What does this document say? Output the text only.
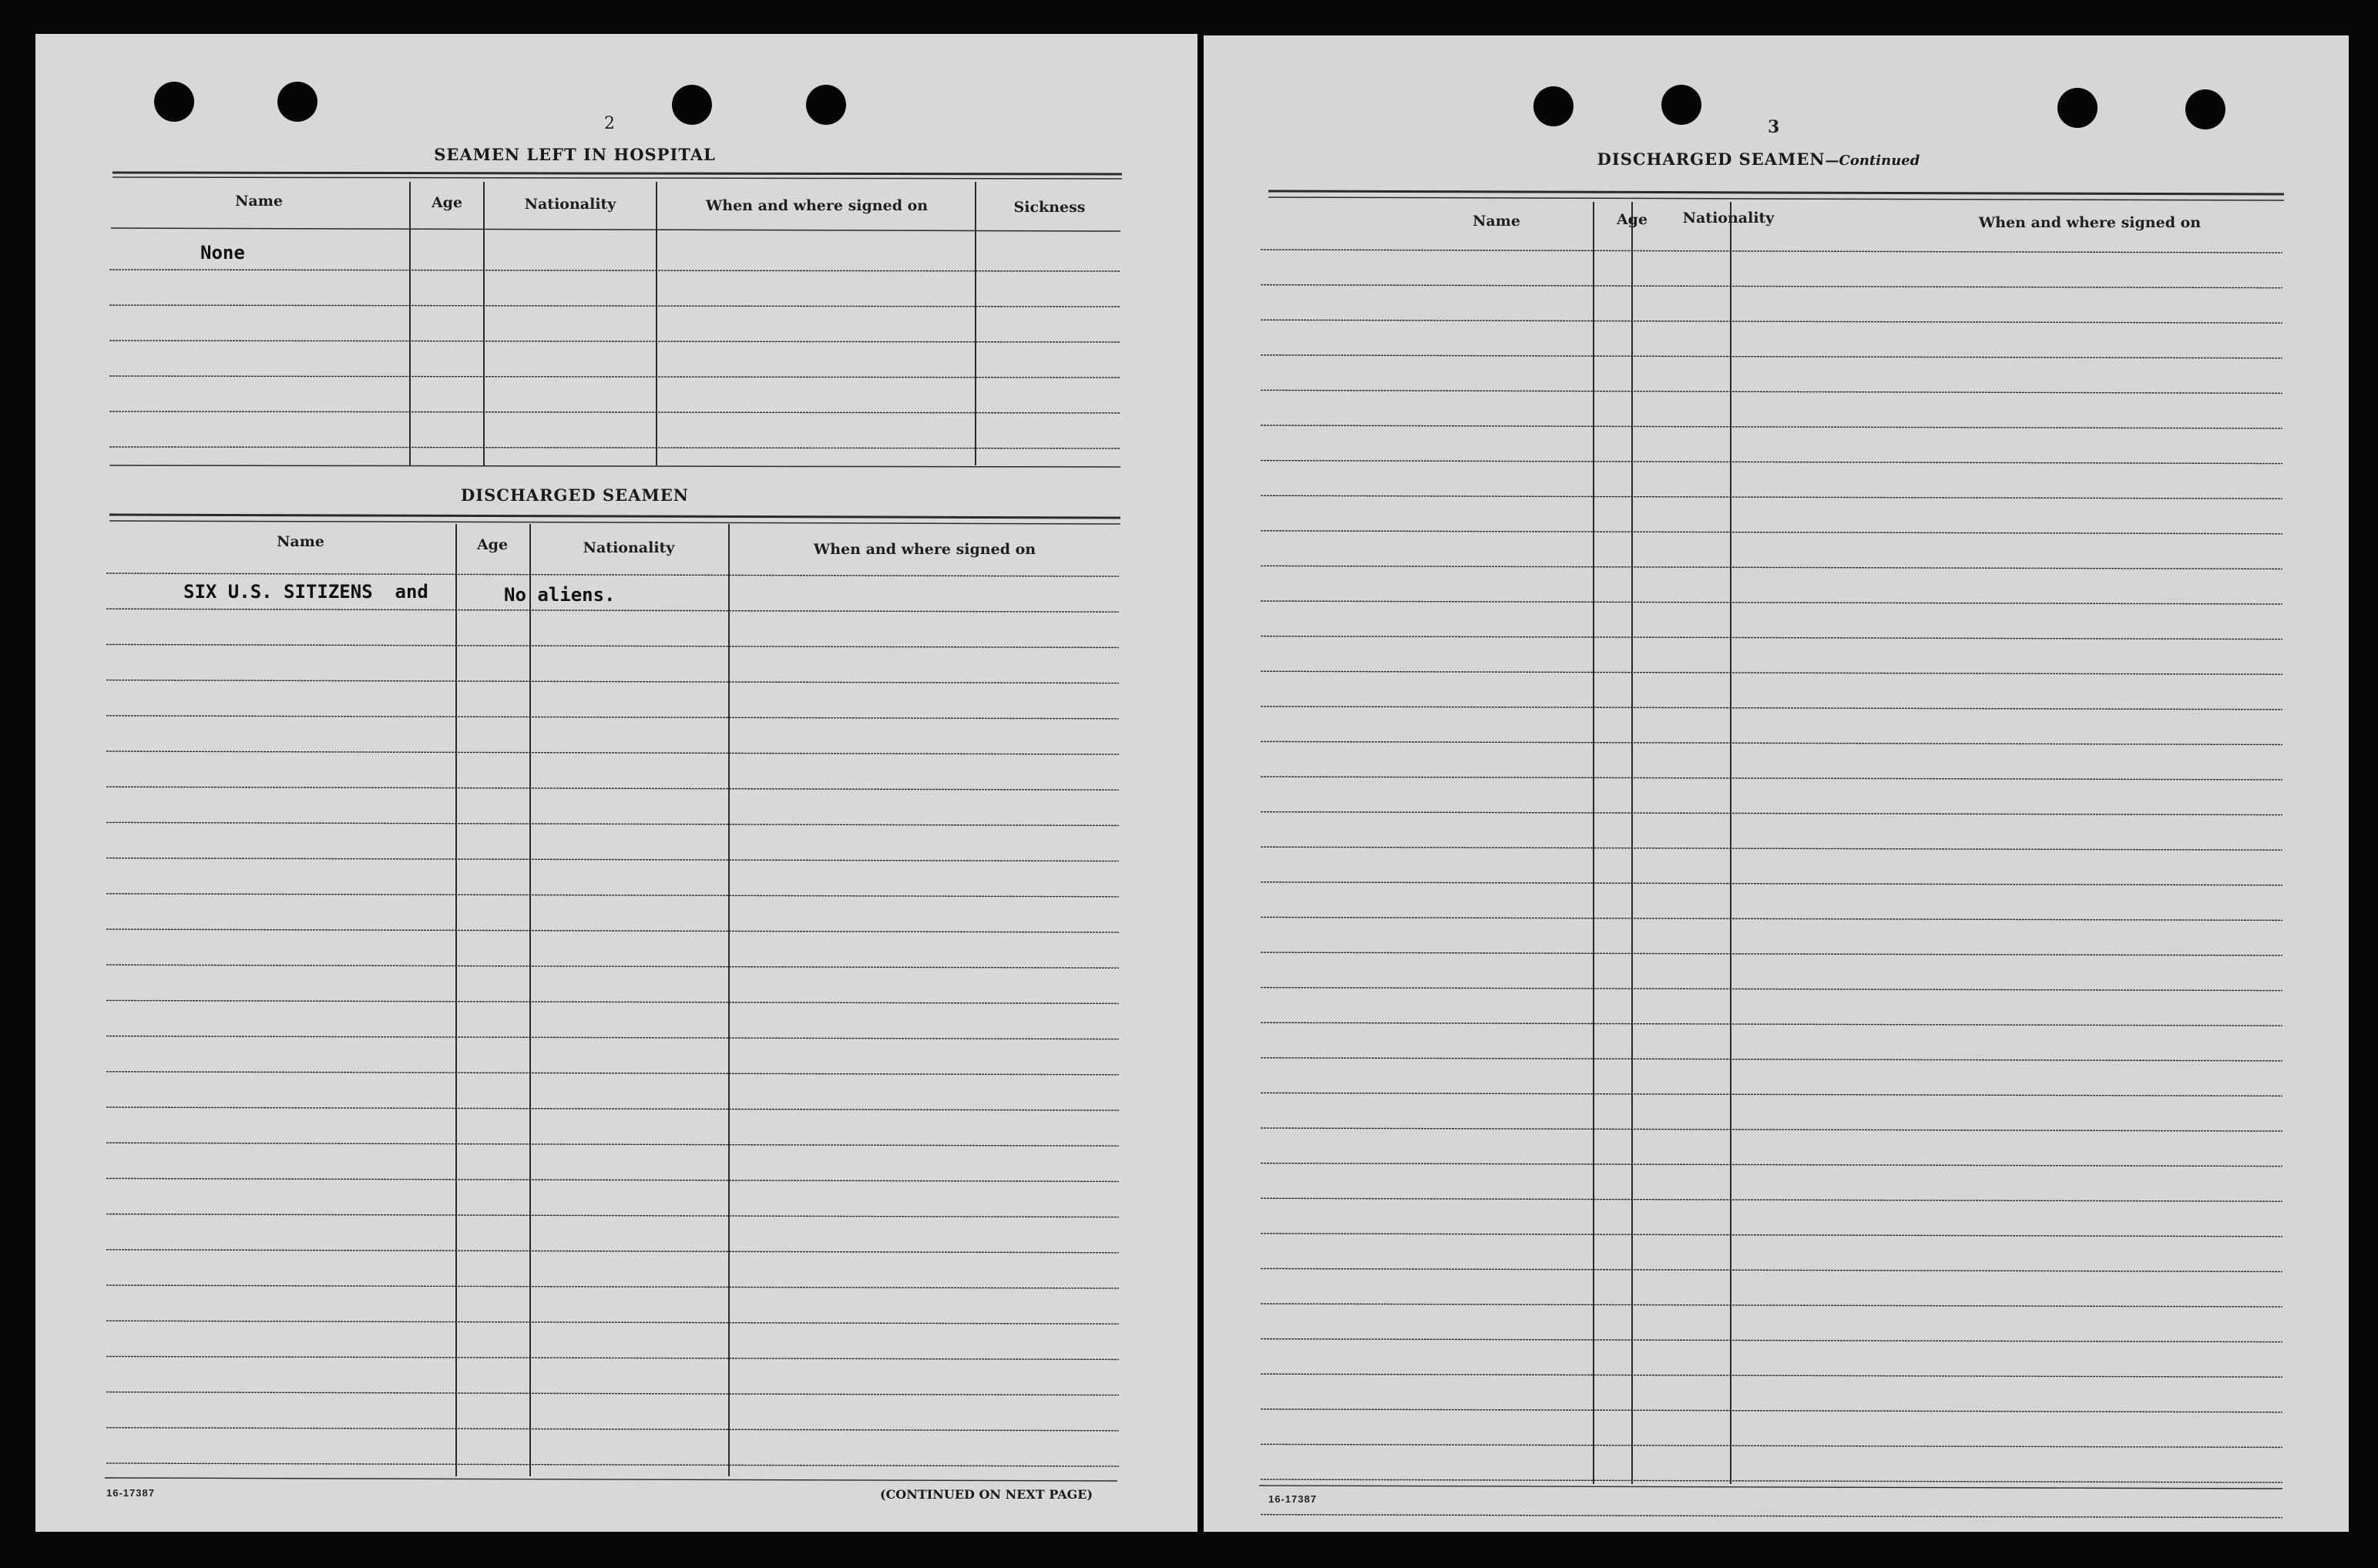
2
SEAMEN LEFT IN HOSPITAL
Name	Age	Nationality	When and where signed on	Sickness
None
DISCHARGED SEAMEN
Name	Age	Nationality	When and where signed on
SIX U.S. SITIZENS  and	No aliens.
16-17387	(CONTINUED ON NEXT PAGE)
3
DISCHARGED SEAMEN—Continued
Name	Age	Nationality	When and where signed on
16-17387
